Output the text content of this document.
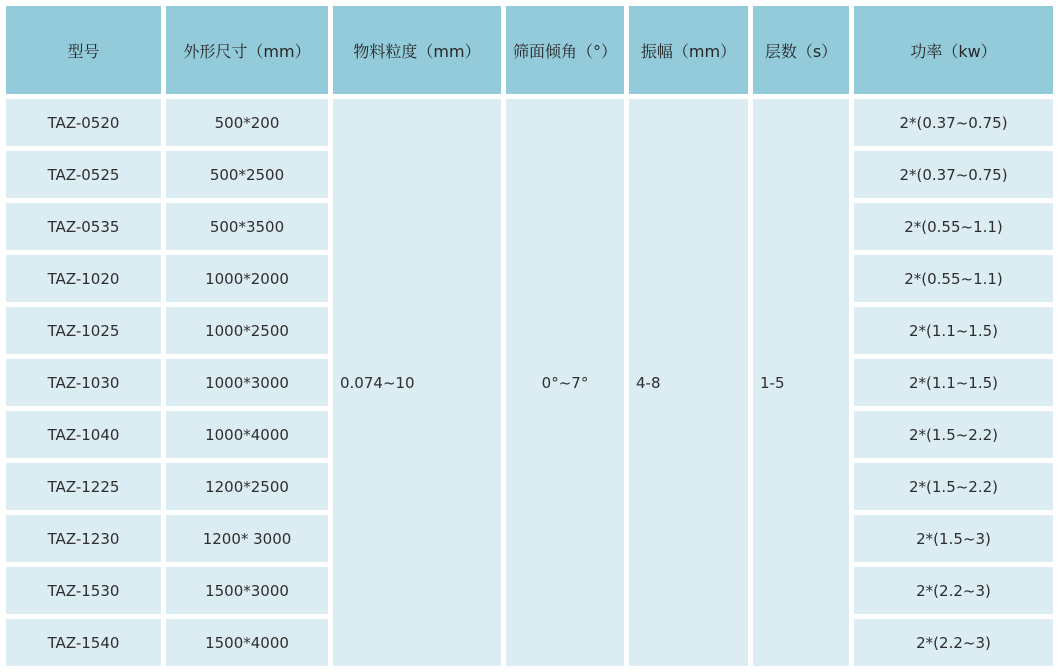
型号	外形尺寸（mm）	物料粒度（mm）	筛面倾角（°）	振幅（mm）	层数（s）	功率（kw）
TAZ-0520	500*200	0.074~10	0°~7°	4-8	1-5	2*(0.37~0.75)
TAZ-0525	500*2500					2*(0.37~0.75)
TAZ-0535	500*3500					2*(0.55~1.1)
TAZ-1020	1000*2000					2*(0.55~1.1)
TAZ-1025	1000*2500					2*(1.1~1.5)
TAZ-1030	1000*3000					2*(1.1~1.5)
TAZ-1040	1000*4000					2*(1.5~2.2)
TAZ-1225	1200*2500					2*(1.5~2.2)
TAZ-1230	1200* 3000					2*(1.5~3)
TAZ-1530	1500*3000					2*(2.2~3)
TAZ-1540	1500*4000					2*(2.2~3)
